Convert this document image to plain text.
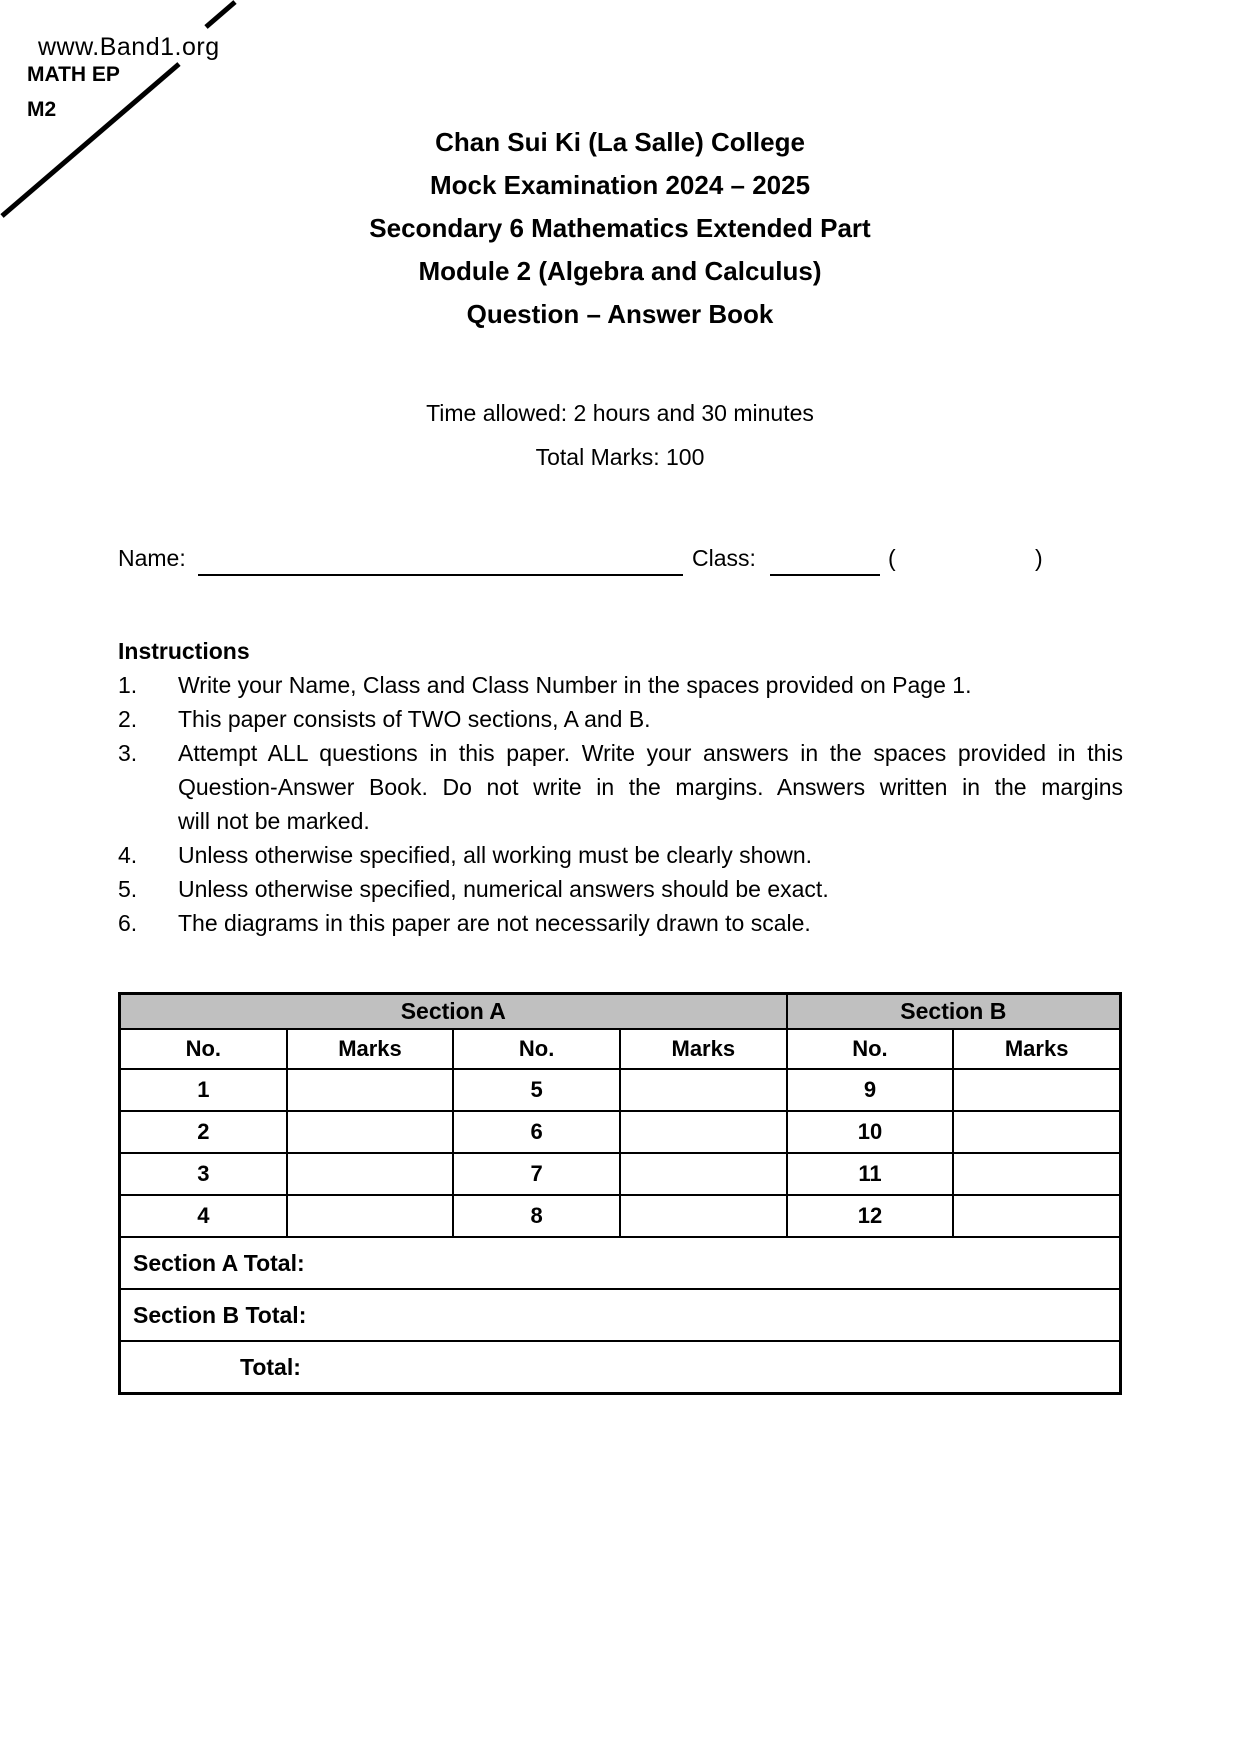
www.Band1.org
MATH EP
M2
Chan Sui Ki (La Salle) College
Mock Examination 2024 – 2025
Secondary 6 Mathematics Extended Part
Module 2 (Algebra and Calculus)
Question – Answer Book
Time allowed: 2 hours and 30 minutes
Total Marks: 100
Name:	Class:	(	)
Instructions
1.	Write your Name, Class and Class Number in the spaces provided on Page 1.
2.	This paper consists of TWO sections, A and B.
3.	Attempt ALL questions in this paper. Write your answers in the spaces provided in this
Question-Answer Book. Do not write in the margins. Answers written in the margins
will not be marked.
4.	Unless otherwise specified, all working must be clearly shown.
5.	Unless otherwise specified, numerical answers should be exact.
6.	The diagrams in this paper are not necessarily drawn to scale.
Section A				Section B	
No.	Marks	No.	Marks	No.	Marks
1		5		9	
2		6		10	
3		7		11	
4		8		12	
Section A Total:					
Section B Total:					
Total:					
